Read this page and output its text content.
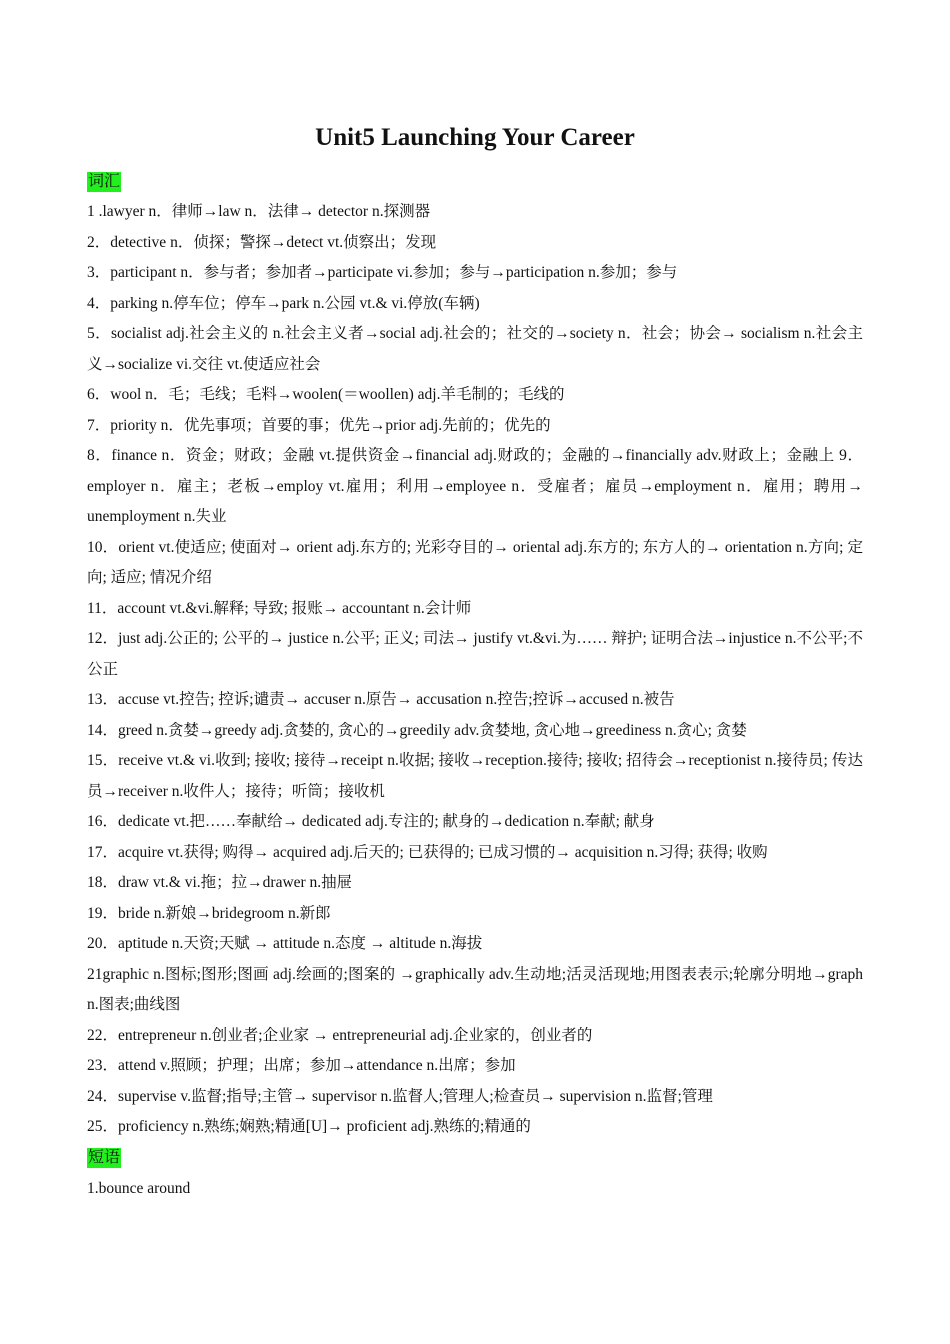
Unit5 Launching Your Career
词汇
1 .lawyer n．律师→law n．法律→ detector n.探测器
2．detective n．侦探；警探→detect vt.侦察出；发现
3．participant n．参与者；参加者→participate vi.参加；参与→participation n.参加；参与
4．parking n.停车位；停车→park n.公园 vt.& vi.停放(车辆)
5．socialist adj.社会主义的 n.社会主义者→social adj.社会的；社交的→society n．社会；协会→ socialism n.社会主义→socialize vi.交往 vt.使适应社会
6．wool n．毛；毛线；毛料→woolen(＝woollen) adj.羊毛制的；毛线的
7．priority n．优先事项；首要的事；优先→prior adj.先前的；优先的
8．finance n．资金；财政；金融 vt.提供资金→financial adj.财政的；金融的→financially adv.财政上；金融上 9．employer n．雇主；老板→employ vt.雇用；利用→employee n．受雇者；雇员→employment n．雇用；聘用→ unemployment n.失业
10．orient vt.使适应; 使面对→ orient adj.东方的; 光彩夺目的→ oriental adj.东方的; 东方人的→ orientation n.方向; 定向; 适应; 情况介绍
11．account vt.&vi.解释; 导致; 报账→ accountant n.会计师
12．just adj.公正的; 公平的→ justice n.公平; 正义; 司法→ justify vt.&vi.为…… 辩护; 证明合法→injustice n.不公平;不公正
13．accuse vt.控告; 控诉;谴责→ accuser n.原告→ accusation n.控告;控诉→accused n.被告
14．greed n.贪婪→greedy adj.贪婪的, 贪心的→greedily adv.贪婪地, 贪心地→greediness n.贪心; 贪婪
15．receive vt.& vi.收到; 接收; 接待→receipt n.收据; 接收→reception.接待; 接收; 招待会→receptionist n.接待员; 传达员→receiver n.收件人；接待；听筒；接收机
16．dedicate vt.把……奉献给→ dedicated adj.专注的; 献身的→dedication n.奉献; 献身
17．acquire vt.获得; 购得→ acquired adj.后天的; 已获得的; 已成习惯的→ acquisition n.习得; 获得; 收购
18．draw vt.& vi.拖；拉→drawer n.抽屉
19．bride n.新娘→bridegroom n.新郎
20．aptitude n.天资;天赋 → attitude n.态度 → altitude n.海拔
21graphic n.图标;图形;图画 adj.绘画的;图案的 →graphically adv.生动地;活灵活现地;用图表表示;轮廓分明地→graph n.图表;曲线图
22．entrepreneur n.创业者;企业家 → entrepreneurial adj.企业家的，创业者的
23．attend v.照顾；护理；出席；参加→attendance n.出席；参加
24．supervise v.监督;指导;主管→ supervisor n.监督人;管理人;检查员→ supervision n.监督;管理
25．proficiency n.熟练;娴熟;精通[U]→ proficient adj.熟练的;精通的
短语
1.bounce around
